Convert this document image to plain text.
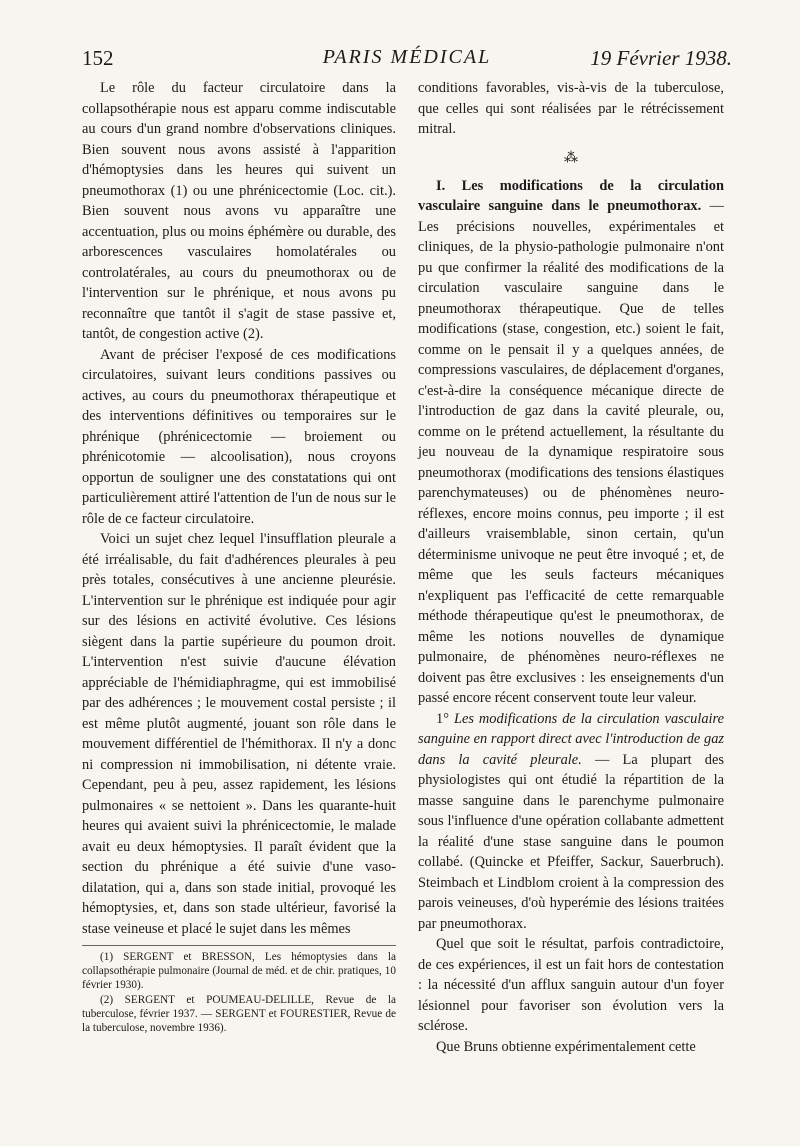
152	PARIS MÉDICAL	19 Février 1938.

Le rôle du facteur circulatoire dans la collapsothérapie nous est apparu comme indiscutable au cours d'un grand nombre d'observations cliniques. Bien souvent nous avons assisté à l'apparition d'hémoptysies dans les heures qui suivent un pneumothorax (1) ou une phrénicectomie (Loc. cit.). Bien souvent nous avons vu apparaître une accentuation, plus ou moins éphémère ou durable, des arborescences vasculaires homolatérales ou controlatérales, au cours du pneumothorax ou de l'intervention sur le phrénique, et nous avons pu reconnaître que tantôt il s'agit de stase passive et, tantôt, de congestion active (2).

Avant de préciser l'exposé de ces modifications circulatoires, suivant leurs conditions passives ou actives, au cours du pneumothorax thérapeutique et des interventions définitives ou temporaires sur le phrénique (phrénicectomie — broiement ou phrénicotomie — alcoolisation), nous croyons opportun de souligner une des constatations qui ont particulièrement attiré l'attention de l'un de nous sur le rôle de ce facteur circulatoire.

Voici un sujet chez lequel l'insufflation pleurale a été irréalisable, du fait d'adhérences pleurales à peu près totales, consécutives à une ancienne pleurésie. L'intervention sur le phrénique est indiquée pour agir sur des lésions en activité évolutive. Ces lésions siègent dans la partie supérieure du poumon droit. L'intervention n'est suivie d'aucune élévation appréciable de l'hémidiaphragme, qui est immobilisé par des adhérences ; le mouvement costal persiste ; il est même plutôt augmenté, jouant son rôle dans le mouvement différentiel de l'hémithorax. Il n'y a donc ni compression ni immobilisation, ni détente vraie. Cependant, peu à peu, assez rapidement, les lésions pulmonaires « se nettoient ». Dans les quarante-huit heures qui avaient suivi la phrénicectomie, le malade avait eu deux hémoptysies. Il paraît évident que la section du phrénique a été suivie d'une vaso-dilatation, qui a, dans son stade initial, provoqué les hémoptysies, et, dans son stade ultérieur, favorisé la stase veineuse et placé le sujet dans les mêmes

(1) SERGENT et BRESSON, Les hémoptysies dans la collapsothérapie pulmonaire (Journal de méd. et de chir. pratiques, 10 février 1930).

(2) SERGENT et POUMEAU-DELILLE, Revue de la tuberculose, février 1937. — SERGENT et FOURESTIER, Revue de la tuberculose, novembre 1936).

conditions favorables, vis-à-vis de la tuberculose, que celles qui sont réalisées par le rétrécissement mitral.

⁂

I. Les modifications de la circulation vasculaire sanguine dans le pneumothorax. — Les précisions nouvelles, expérimentales et cliniques, de la physio-pathologie pulmonaire n'ont pu que confirmer la réalité des modifications de la circulation vasculaire sanguine dans le pneumothorax thérapeutique. Que de telles modifications (stase, congestion, etc.) soient le fait, comme on le pensait il y a quelques années, de compressions vasculaires, de déplacement d'organes, c'est-à-dire la conséquence mécanique directe de l'introduction de gaz dans la cavité pleurale, ou, comme on le prétend actuellement, la résultante du jeu nouveau de la dynamique respiratoire sous pneumothorax (modifications des tensions élastiques parenchymateuses) ou de phénomènes neuro-réflexes, encore moins connus, peu importe ; il est d'ailleurs vraisemblable, sinon certain, qu'un déterminisme univoque ne peut être invoqué ; et, de même que les seuls facteurs mécaniques n'expliquent pas l'efficacité de cette remarquable méthode thérapeutique qu'est le pneumothorax, de même les notions nouvelles de dynamique pulmonaire, de phénomènes neuro-réflexes ne doivent pas être exclusives : les enseignements d'un passé encore récent conservent toute leur valeur.

1° Les modifications de la circulation vasculaire sanguine en rapport direct avec l'introduction de gaz dans la cavité pleurale. — La plupart des physiologistes qui ont étudié la répartition de la masse sanguine dans le parenchyme pulmonaire sous l'influence d'une opération collabante admettent la réalité d'une stase sanguine dans le poumon collabé. (Quincke et Pfeiffer, Sackur, Sauerbruch). Steimbach et Lindblom croient à la compression des parois veineuses, d'où hyperémie des lésions traitées par pneumothorax.

Quel que soit le résultat, parfois contradictoire, de ces expériences, il est un fait hors de contestation : la nécessité d'un afflux sanguin autour d'un foyer lésionnel pour favoriser son évolution vers la sclérose.

Que Bruns obtienne expérimentalement cette
